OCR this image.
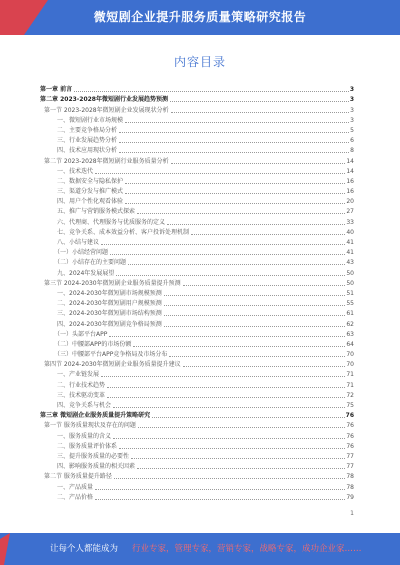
微短剧企业提升服务质量策略研究报告
内容目录
第一章 前言	3
第二章 2023-2028年微短剧行业发展趋势预测	3
第一节 2023-2028年微短剧企业发展现状分析	3
一、微短剧行业市场规模	3
二、主要竞争格局分析	5
三、行业发展趋势分析	6
四、技术应用现状分析	8
第二节 2023-2028年微短剧行业服务质量分析	14
一、技术迭代	14
二、数据安全与隐私保护	16
三、渠道分发与推广模式	16
四、用户个性化观看体验	20
五、推广与营销服务模式探索	27
六、代理商、代理服务与优质服务的定义	33
七、竞争关系、成本效益分析、客户投诉处理机制	40
八、小结与建议	41
（一）小结经营问题	41
（二）小结存在的主要问题	43
九、2024年发展展望	50
第三节 2024-2030年微短剧企业服务质量提升预测	50
一、2024-2030年微短剧市场规模预测	51
二、2024-2030年微短剧用户规模预测	55
三、2024-2030年微短剧市场结构预测	61
四、2024-2030年微短剧竞争格局预测	62
（一）头部平台APP	63
（二）中腰部APP的市场份额	64
（三）中腰部平台APP竞争格局及市场分布	70
第四节 2024-2030年微短剧企业服务质量提升建议	70
一、产业链发展	71
二、行业技术趋势	71
三、技术驱动变革	72
四、竞争关系与机会	75
第三章 微短剧企业服务质量提升策略研究	76
第一节 服务质量现状及存在的问题	76
一、服务质量的含义	76
二、服务质量评价体系	76
三、提升服务质量的必要性	77
四、影响服务质量的相关因素	77
第二节 服务质量提升路径	78
一、产品质量	78
二、产品价格	79
1
让每个人都能成为 行业专家，管理专家，营销专家，战略专家，成功企业家……
